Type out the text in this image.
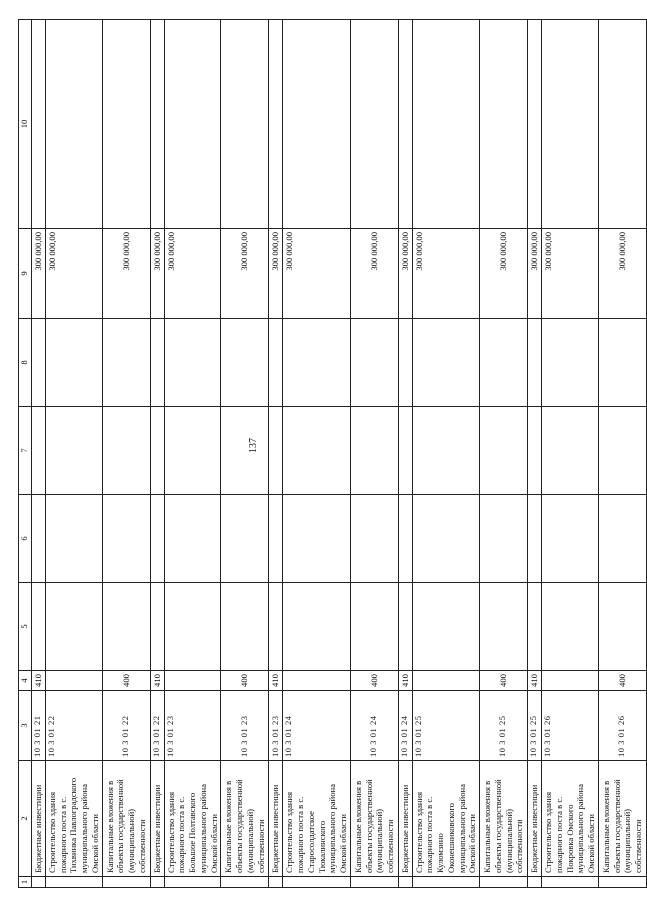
137
1	2	3	4	5	6	7	8	9	10
	Бюджетные инвестиции	10 3 01 21	410					300 000,00	
	Строительство здания пожарного поста в с. Тихвинка Павлоградского муниципального района Омской области	10 3 01 22						300 000,00	
	Капитальные вложения в объекты государственной (муниципальной) собственности	10 3 01 22	400					300 000,00	
	Бюджетные инвестиции	10 3 01 22	410					300 000,00	
	Строительство здания пожарного поста в с. Большое Полтавского муниципального района Омской области	10 3 01 23						300 000,00	
	Капитальные вложения в объекты государственной (муниципальной) собственности	10 3 01 23	400					300 000,00	
	Бюджетные инвестиции	10 3 01 23	410					300 000,00	
	Строительство здания пожарного поста в с. Старосолдатское Тюкалинского муниципального района Омской области	10 3 01 24						300 000,00	
	Капитальные вложения в объекты государственной (муниципальной) собственности	10 3 01 24	400					300 000,00	
	Бюджетные инвестиции	10 3 01 24	410					300 000,00	
	Строительство здания пожарного поста в с. Куломзино Оконешниковского муниципального района Омской области	10 3 01 25						300 000,00	
	Капитальные вложения в объекты государственной (муниципальной) собственности	10 3 01 25	400					300 000,00	
	Бюджетные инвестиции	10 3 01 25	410					300 000,00	
	Строительство здания пожарного поста в с. Покровка Омского муниципального района Омской области	10 3 01 26						300 000,00	
	Капитальные вложения в объекты государственной (муниципальной) собственности	10 3 01 26	400					300 000,00	
